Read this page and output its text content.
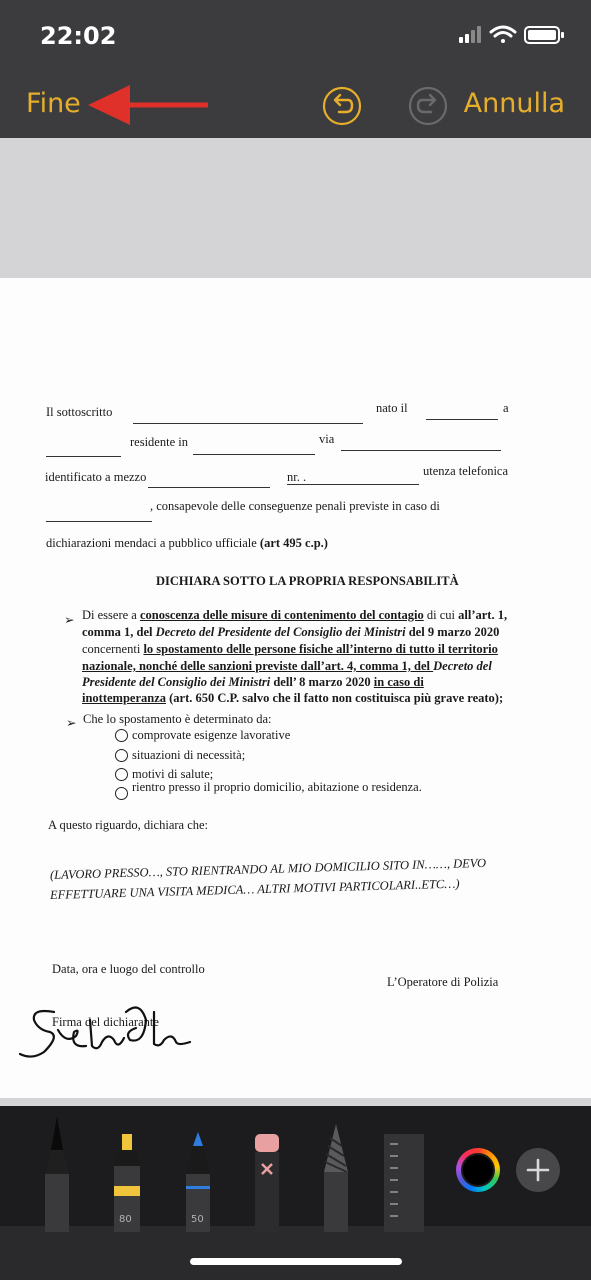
22:02
Fine	Annulla
Il sottoscritto	nato il	a
residente in	via
identificato a mezzo	nr. .	utenza telefonica
, consapevole delle conseguenze penali previste in caso di
dichiarazioni mendaci a pubblico ufficiale (art 495 c.p.)
DICHIARA SOTTO LA PROPRIA RESPONSABILITÀ
➢ Di essere a conoscenza delle misure di contenimento del contagio di cui all’art. 1,
comma 1, del Decreto del Presidente del Consiglio dei Ministri del 9 marzo 2020
concernenti lo spostamento delle persone fisiche all’interno di tutto il territorio
nazionale, nonché delle sanzioni previste dall’art. 4, comma 1, del Decreto del
Presidente del Consiglio dei Ministri dell’ 8 marzo 2020 in caso di
inottemperanza (art. 650 C.P. salvo che il fatto non costituisca più grave reato);
➢ Che lo spostamento è determinato da:
comprovate esigenze lavorative
situazioni di necessità;
motivi di salute;
rientro presso il proprio domicilio, abitazione o residenza.
A questo riguardo, dichiara che:
(LAVORO PRESSO…, STO RIENTRANDO AL MIO DOMICILIO SITO IN……, DEVO
EFFETTUARE UNA VISITA MEDICA… ALTRI MOTIVI PARTICOLARI..ETC…)
Data, ora e luogo del controllo
L’Operatore di Polizia
Firma del dichiarante
80	50
